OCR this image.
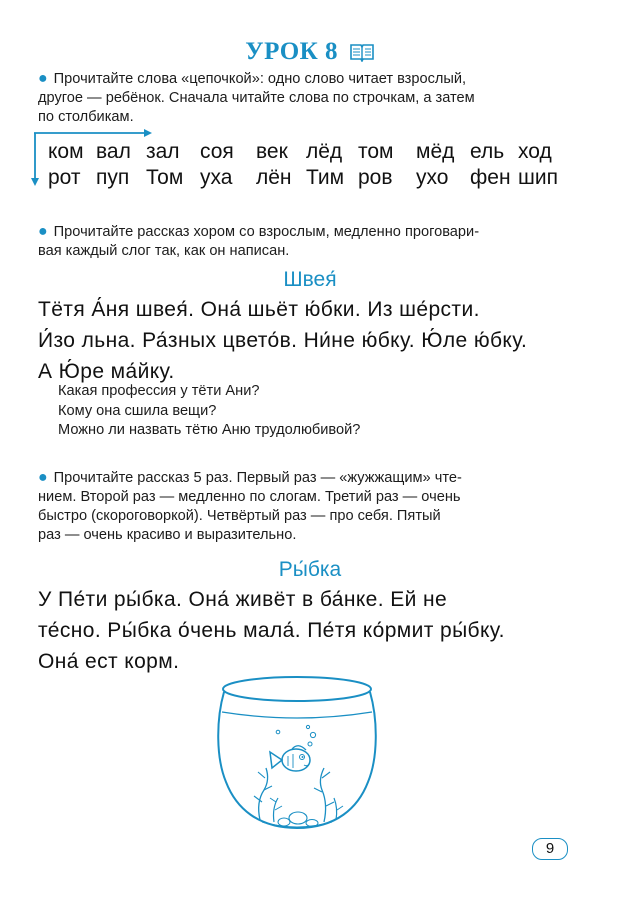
УРОК 8
● Прочитайте слова «цепочкой»: одно слово читает взрослый,
другое — ребёнок. Сначала читайте слова по строчкам, а затем
по столбикам.
ком вал зал соя век лёд том мёд ель ход
рот пуп Том уха лён Тим ров ухо фен шип
● Прочитайте рассказ хором со взрослым, медленно проговари-
вая каждый слог так, как он написан.
Швея́
Тётя А́ня швея́. Она́ шьёт ю́бки. Из ше́рсти.
И́зо льна. Ра́зных цвето́в. Ни́не ю́бку. Ю́ле ю́бку.
А Ю́ре ма́йку.
Какая профессия у тёти Ани?
Кому она сшила вещи?
Можно ли назвать тётю Аню трудолюбивой?
● Прочитайте рассказ 5 раз. Первый раз — «жужжащим» чте-
нием. Второй раз — медленно по слогам. Третий раз — очень
быстро (скороговоркой). Четвёртый раз — про себя. Пятый
раз — очень красиво и выразительно.
Ры́бка
У Пе́ти ры́бка. Она́ живёт в ба́нке. Ей не
те́сно. Ры́бка о́чень мала́. Пе́тя ко́рмит ры́бку.
Она́ ест корм.
9
